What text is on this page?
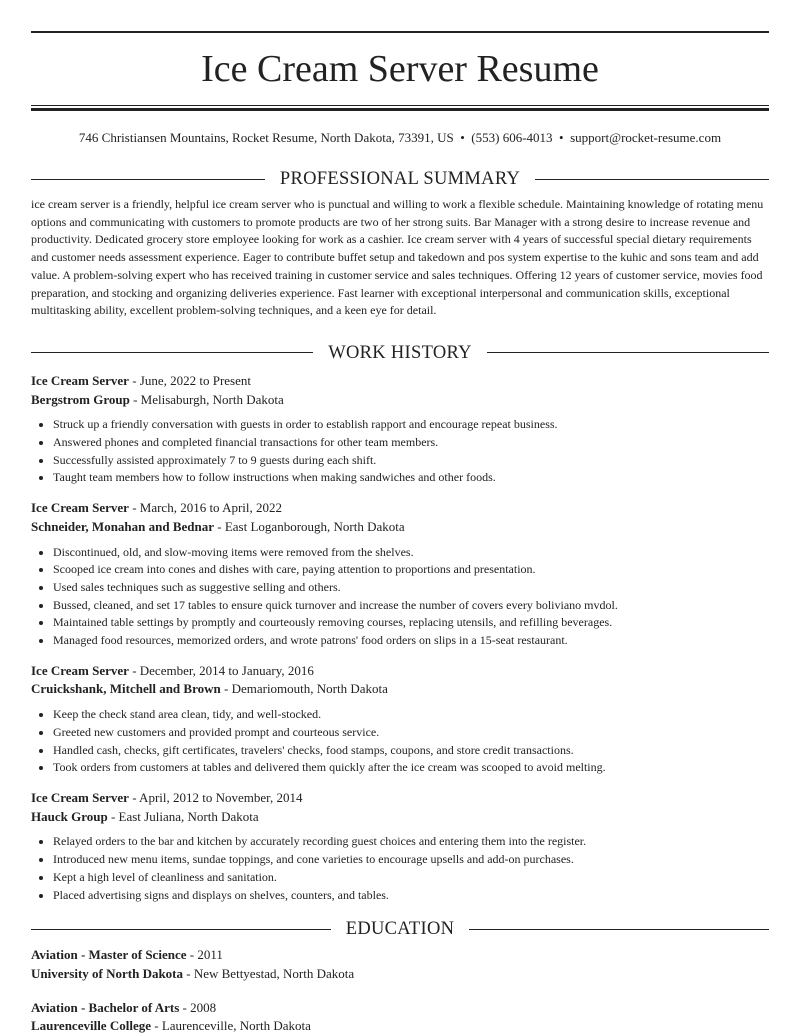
Ice Cream Server Resume
746 Christiansen Mountains, Rocket Resume, North Dakota, 73391, US • (553) 606-4013 • support@rocket-resume.com
PROFESSIONAL SUMMARY

ice cream server is a friendly, helpful ice cream server who is punctual and willing to work a flexible schedule. Maintaining knowledge of rotating menu options and communicating with customers to promote products are two of her strong suits. Bar Manager with a strong desire to increase revenue and productivity. Dedicated grocery store employee looking for work as a cashier. Ice cream server with 4 years of successful special dietary requirements and customer needs assessment experience. Eager to contribute buffet setup and takedown and pos system expertise to the kuhic and sons team and add value. A problem-solving expert who has received training in customer service and sales techniques. Offering 12 years of customer service, movies food preparation, and stocking and organizing deliveries experience. Fast learner with exceptional interpersonal and communication skills, exceptional multitasking ability, excellent problem-solving techniques, and a keen eye for detail.

WORK HISTORY
Ice Cream Server - June, 2022 to Present
Bergstrom Group - Melisaburgh, North Dakota
• Struck up a friendly conversation with guests in order to establish rapport and encourage repeat business.
• Answered phones and completed financial transactions for other team members.
• Successfully assisted approximately 7 to 9 guests during each shift.
• Taught team members how to follow instructions when making sandwiches and other foods.
Ice Cream Server - March, 2016 to April, 2022
Schneider, Monahan and Bednar - East Loganborough, North Dakota
• Discontinued, old, and slow-moving items were removed from the shelves.
• Scooped ice cream into cones and dishes with care, paying attention to proportions and presentation.
• Used sales techniques such as suggestive selling and others.
• Bussed, cleaned, and set 17 tables to ensure quick turnover and increase the number of covers every boliviano mvdol.
• Maintained table settings by promptly and courteously removing courses, replacing utensils, and refilling beverages.
• Managed food resources, memorized orders, and wrote patrons' food orders on slips in a 15-seat restaurant.
Ice Cream Server - December, 2014 to January, 2016
Cruickshank, Mitchell and Brown - Demariomouth, North Dakota
• Keep the check stand area clean, tidy, and well-stocked.
• Greeted new customers and provided prompt and courteous service.
• Handled cash, checks, gift certificates, travelers' checks, food stamps, coupons, and store credit transactions.
• Took orders from customers at tables and delivered them quickly after the ice cream was scooped to avoid melting.
Ice Cream Server - April, 2012 to November, 2014
Hauck Group - East Juliana, North Dakota
• Relayed orders to the bar and kitchen by accurately recording guest choices and entering them into the register.
• Introduced new menu items, sundae toppings, and cone varieties to encourage upsells and add-on purchases.
• Kept a high level of cleanliness and sanitation.
• Placed advertising signs and displays on shelves, counters, and tables.
EDUCATION
Aviation - Master of Science - 2011
University of North Dakota - New Bettyestad, North Dakota
Aviation - Bachelor of Arts - 2008
Laurenceville College - Laurenceville, North Dakota
